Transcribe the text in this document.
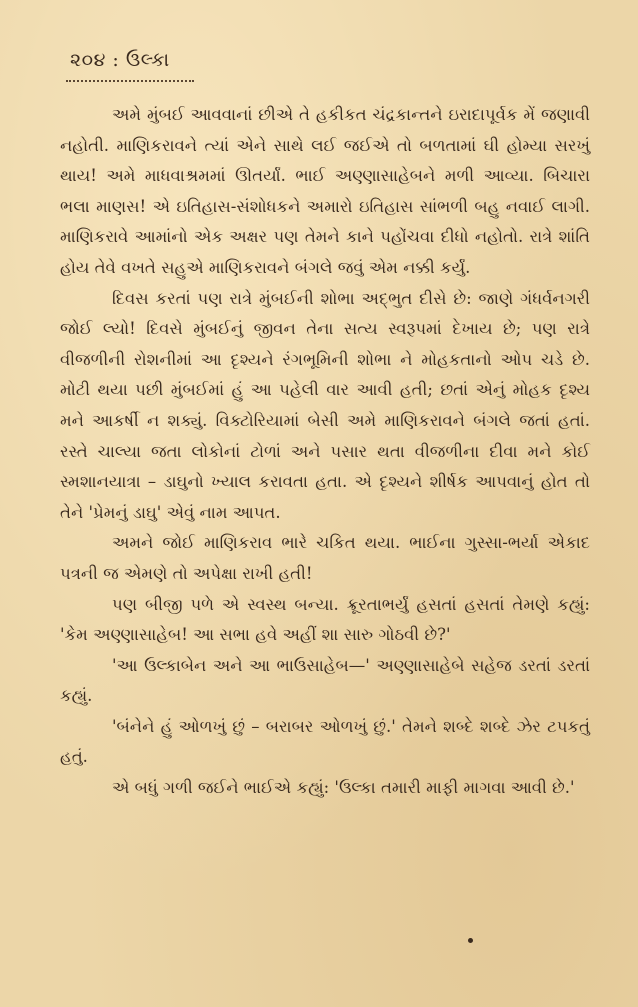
૨૦૪ : ઉલ્કા

અમે મુંબઈ આવવાનાં છીએ તે હકીકત ચંદ્રકાન્તને ઇરાદાપૂર્વક મેં જણાવી નહોતી. માણિકરાવને ત્યાં એને સાથે લઈ જઈએ તો બળતામાં ઘી હોમ્યા સરખું થાય! અમે માધવાશ્રમમાં ઊતર્યાં. ભાઈ અણ્ણાસાહેબને મળી આવ્યા. બિચારા ભલા માણસ! એ ઇતિહાસ-સંશોધકને અમારો ઇતિહાસ સાંભળી બહુ નવાઈ લાગી. માણિકરાવે આમાંનો એક અક્ષર પણ તેમને કાને પહોંચવા દીધો નહોતો. રાત્રે શાંતિ હોય તેવે વખતે સહુએ માણિકરાવને બંગલે જવું એમ નક્કી કર્યું.

દિવસ કરતાં પણ રાત્રે મુંબઈની શોભા અદ્ભુત દીસે છે: જાણે ગંધર્વનગરી જોઈ લ્યો! દિવસે મુંબઈનું જીવન તેના સત્ય સ્વરૂપમાં દેખાય છે; પણ રાત્રે વીજળીની રોશનીમાં આ દૃશ્યને રંગભૂમિની શોભા ને મોહકતાનો ઓપ ચડે છે. મોટી થયા પછી મુંબઈમાં હું આ પહેલી વાર આવી હતી; છતાં એનું મોહક દૃશ્ય મને આકર્ષી ન શક્યું. વિક્ટોરિયામાં બેસી અમે માણિકરાવને બંગલે જતાં હતાં. રસ્તે ચાલ્યા જતા લોકોનાં ટોળાં અને પસાર થતા વીજળીના દીવા મને કોઈ સ્મશાનયાત્રા – ડાઘુનો ખ્યાલ કરાવતા હતા. એ દૃશ્યને શીર્ષક આપવાનું હોત તો તેને 'પ્રેમનું ડાઘુ' એવું નામ આપત.

અમને જોઈ માણિકરાવ ભારે ચકિત થયા. ભાઈના ગુસ્સા-ભર્યા એકાદ પત્રની જ એમણે તો અપેક્ષા રાખી હતી!

પણ બીજી પળે એ સ્વસ્થ બન્યા. ક્રૂરતાભર્યું હસતાં હસતાં તેમણે કહ્યું: 'કેમ અણ્ણાસાહેબ! આ સભા હવે અહીં શા સારુ ગોઠવી છે?'

'આ ઉલ્કાબેન અને આ ભાઉસાહેબ—' અણ્ણાસાહેબે સહેજ ડરતાં ડરતાં કહ્યું.

'બંનેને હું ઓળખું છું – બરાબર ઓળખું છું.' તેમને શબ્દે શબ્દે ઝેર ટપકતું હતું.

એ બધું ગળી જઈને ભાઈએ કહ્યું: 'ઉલ્કા તમારી માફી માગવા આવી છે.'
